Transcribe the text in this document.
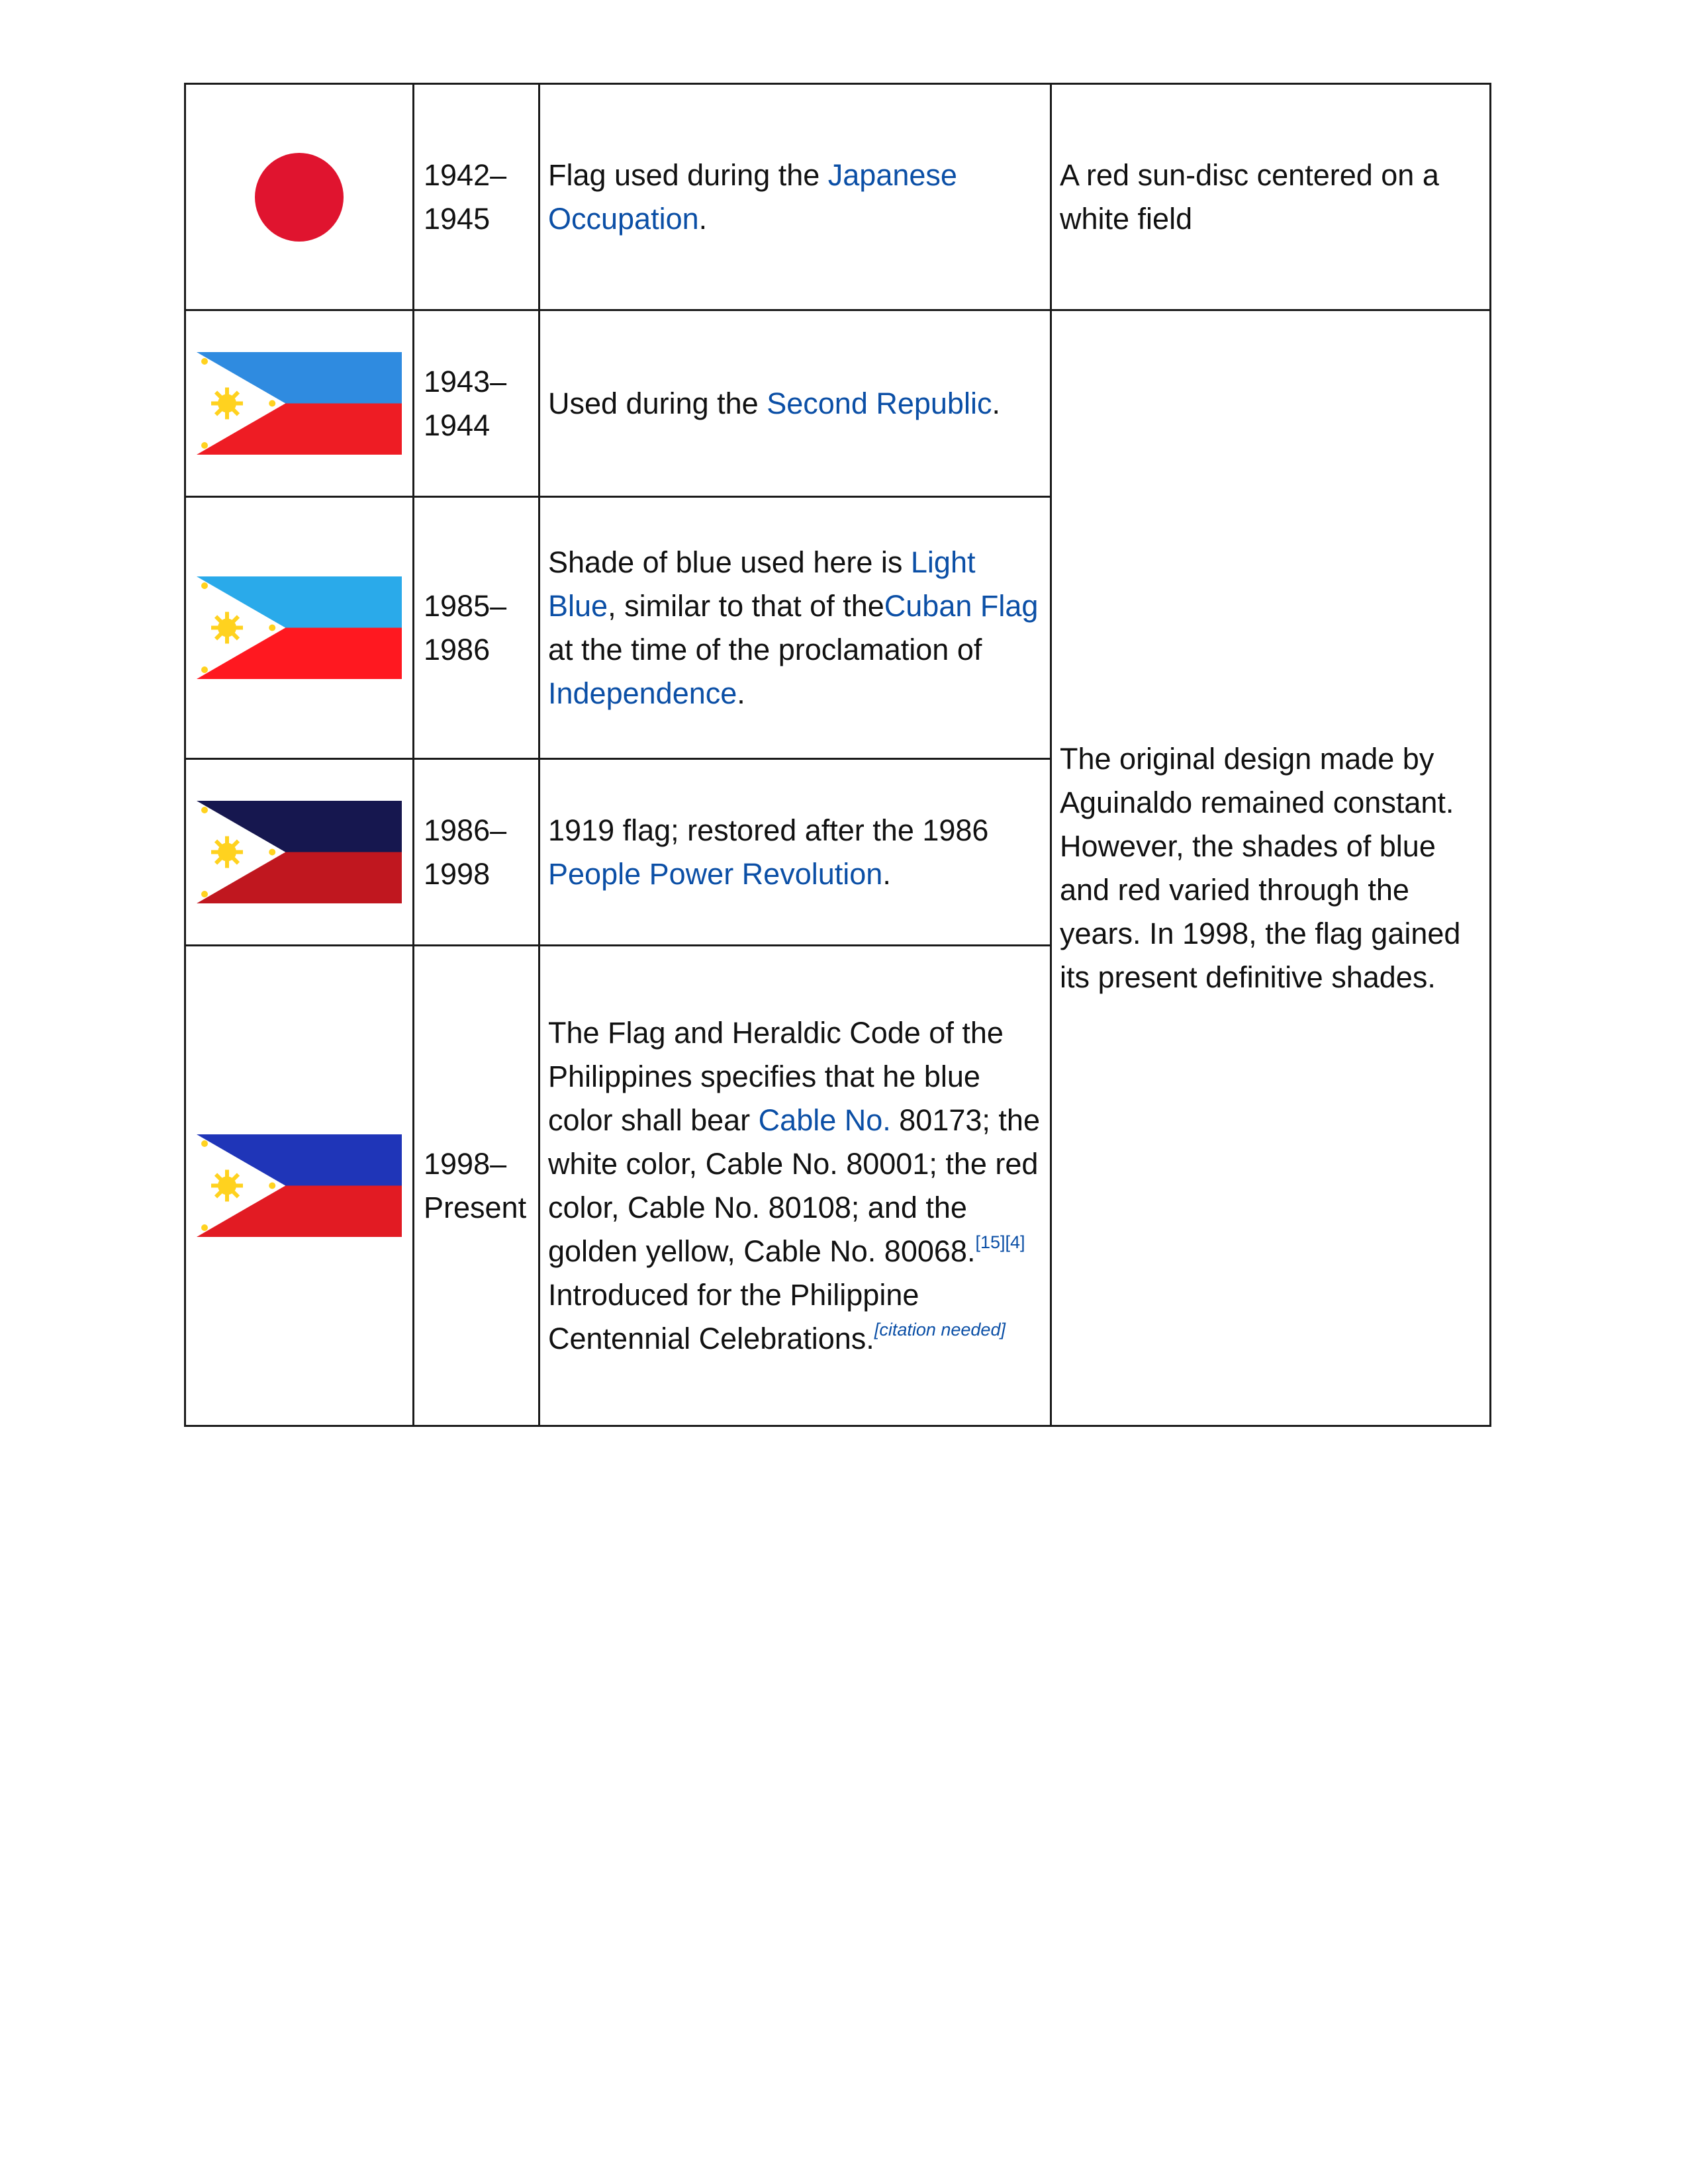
1942–
1945	Flag used during the Japanese Occupation.	A red sun-disc centered on a white field

1943–
1944	Used during the Second Republic.	The original design made by Aguinaldo remained constant. However, the shades of blue and red varied through the years. In 1998, the flag gained its present definitive shades.

1985–
1986	Shade of blue used here is Light Blue, similar to that of theCuban Flag at the time of the proclamation of Independence.	

1986–
1998	1919 flag; restored after the 1986 People Power Revolution.	

1998–
Present	The Flag and Heraldic Code of the Philippines specifies that he blue color shall bear Cable No. 80173; the white color, Cable No. 80001; the red color, Cable No. 80108; and the golden yellow, Cable No. 80068.[15][4] Introduced for the Philippine Centennial Celebrations.[citation needed]
